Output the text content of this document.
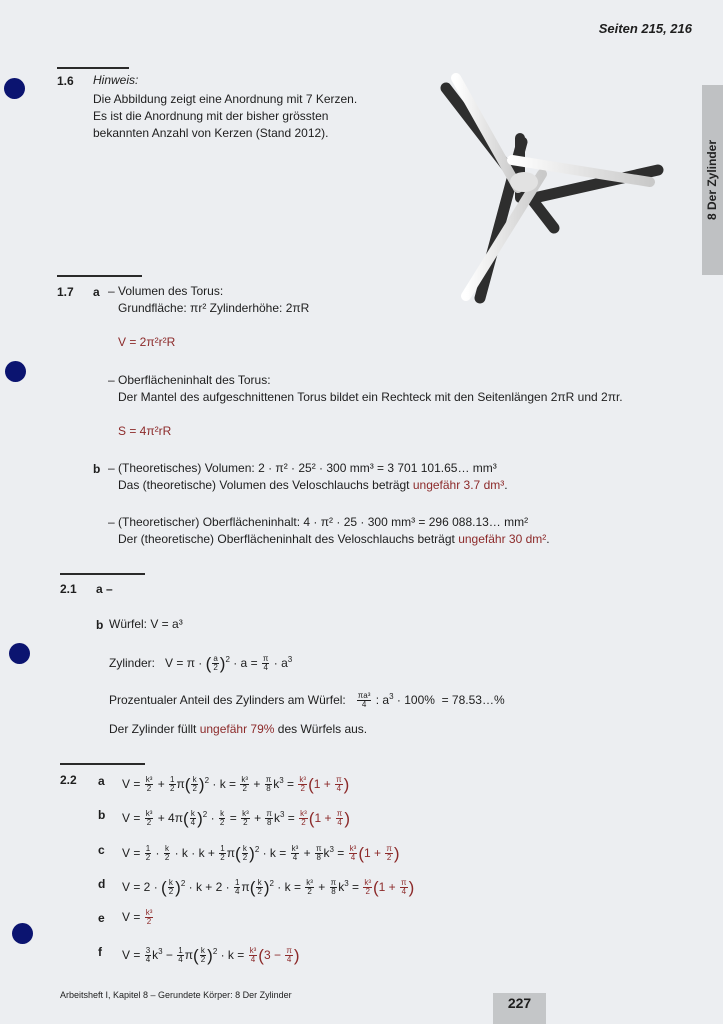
Seiten 215, 216
8 Der Zylinder
1.6 Hinweis:
Die Abbildung zeigt eine Anordnung mit 7 Kerzen.
Es ist die Anordnung mit der bisher grössten
bekannten Anzahl von Kerzen (Stand 2012).
1.7 a – Volumen des Torus:
Grundfläche: πr² Zylinderhöhe: 2πR
V = 2π²r²R
– Oberflächeninhalt des Torus:
Der Mantel des aufgeschnittenen Torus bildet ein Rechteck mit den Seitenlängen 2πR und 2πr.
S = 4π²rR
b – (Theoretisches) Volumen: 2 · π² · 25² · 300 mm³ = 3 701 101.65… mm³
Das (theoretische) Volumen des Veloschlauchs beträgt ungefähr 3.7 dm³.
– (Theoretischer) Oberflächeninhalt: 4 · π² · 25 · 300 mm³ = 296 088.13… mm²
Der (theoretische) Oberflächeninhalt des Veloschlauchs beträgt ungefähr 30 dm².
2.1 a –
b Würfel: V = a³
Zylinder:   V = π · ( $\frac{a}{2} )^2 \cdot a = \frac{\pi}{4} \cdot a^3$
Prozentualer Anteil des Zylinders am Würfel: $\frac{\text{πa³}}{4}$ : $a^3 \cdot 100\%$  = 78.53…%
Der Zylinder füllt ungefähr 79% des Würfels aus.
2.2 a $V = \frac{\text{k³}}{2} + \frac{1}{2} \pi( \frac{k}{2} )^2 \cdot k = \frac{\text{k³}}{2} + \frac{\pi}{8} k^3 = \frac{\text{k³}}{2} (1 + \frac{\pi}{4}$ )
b $V = \frac{\text{k³}}{2} + 4\pi( \frac{k}{4} )^2 \cdot \frac{k}{2} = \frac{\text{k³}}{2} + \frac{\pi}{8} k^3 = \frac{\text{k³}}{2} (1 + \frac{\pi}{4}$ )
c $V = \frac{1}{2} \cdot \frac{k}{2} \cdot k \cdot k + \frac{1}{2} \pi( \frac{k}{2} )^2 \cdot k = \frac{\text{k³}}{4} + \frac{\pi}{8} k^3 = \frac{\text{k³}}{4} (1 + \frac{\pi}{2}$ )
d V = 2 · ( $\frac{k}{2} )^2 \cdot k + 2 \cdot \frac{1}{4} \pi( \frac{k}{2} )^2 \cdot k = \frac{\text{k³}}{2} + \frac{\pi}{8} k^3 = \frac{\text{k³}}{2} (1 + \frac{\pi}{4}$ )
e $V = \frac{\text{k³}}{2}$
f $V = \frac{3}{4} k^3 - \frac{1}{4} \pi( \frac{k}{2} )^2 \cdot k = \frac{\text{k³}}{4} (3 - \frac{\pi}{4}$ )
Arbeitsheft I, Kapitel 8 – Gerundete Körper: 8 Der Zylinder	227
